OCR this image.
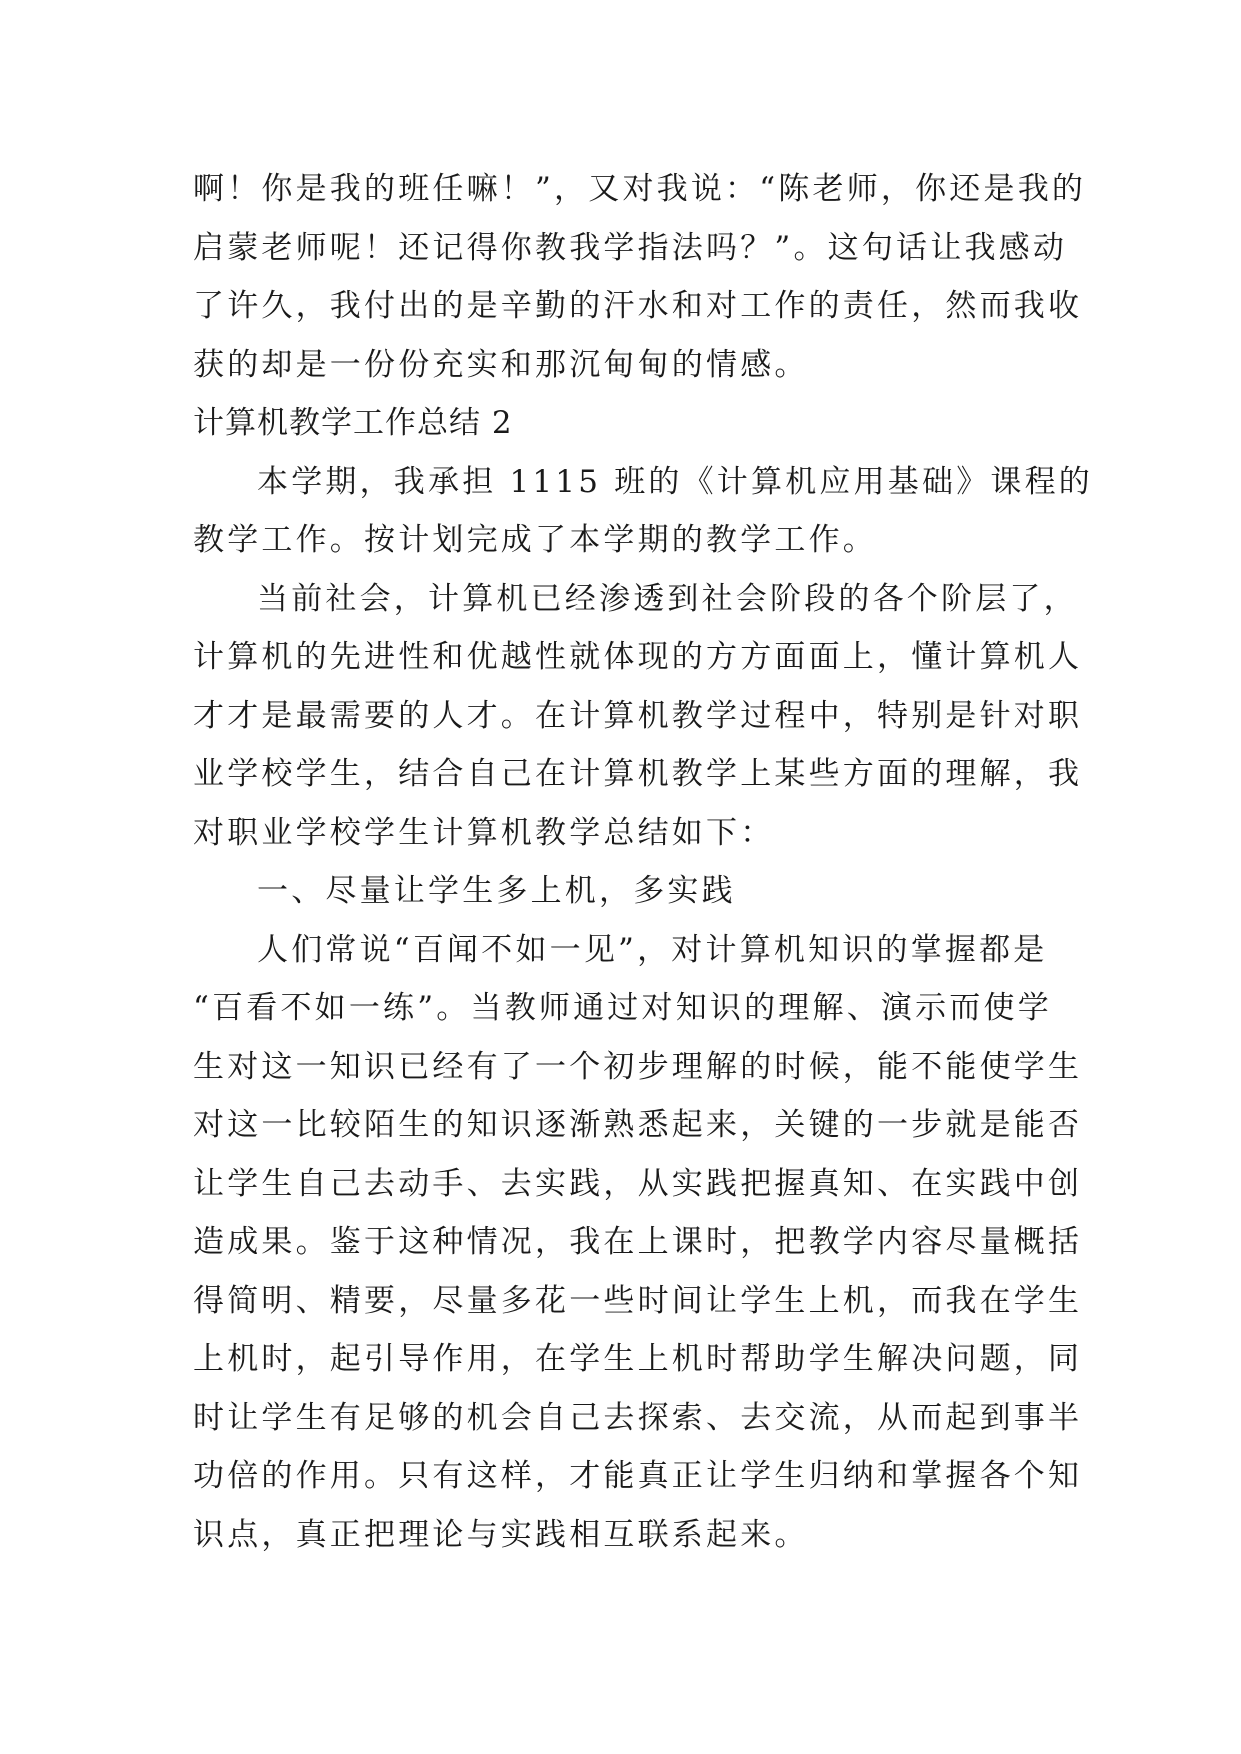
啊！你是我的班任嘛！”，又对我说：“陈老师，你还是我的
启蒙老师呢！还记得你教我学指法吗？”。这句话让我感动
了许久，我付出的是辛勤的汗水和对工作的责任，然而我收
获的却是一份份充实和那沉甸甸的情感。
计算机教学工作总结 2
本学期，我承担 1115 班的《计算机应用基础》课程的
教学工作。按计划完成了本学期的教学工作。
当前社会，计算机已经渗透到社会阶段的各个阶层了，
计算机的先进性和优越性就体现的方方面面上，懂计算机人
才才是最需要的人才。在计算机教学过程中，特别是针对职
业学校学生，结合自己在计算机教学上某些方面的理解，我
对职业学校学生计算机教学总结如下：
一、尽量让学生多上机，多实践
人们常说“百闻不如一见”，对计算机知识的掌握都是
“百看不如一练”。当教师通过对知识的理解、演示而使学
生对这一知识已经有了一个初步理解的时候，能不能使学生
对这一比较陌生的知识逐渐熟悉起来，关键的一步就是能否
让学生自己去动手、去实践，从实践把握真知、在实践中创
造成果。鉴于这种情况，我在上课时，把教学内容尽量概括
得简明、精要，尽量多花一些时间让学生上机，而我在学生
上机时，起引导作用，在学生上机时帮助学生解决问题，同
时让学生有足够的机会自己去探索、去交流，从而起到事半
功倍的作用。只有这样，才能真正让学生归纳和掌握各个知
识点，真正把理论与实践相互联系起来。
